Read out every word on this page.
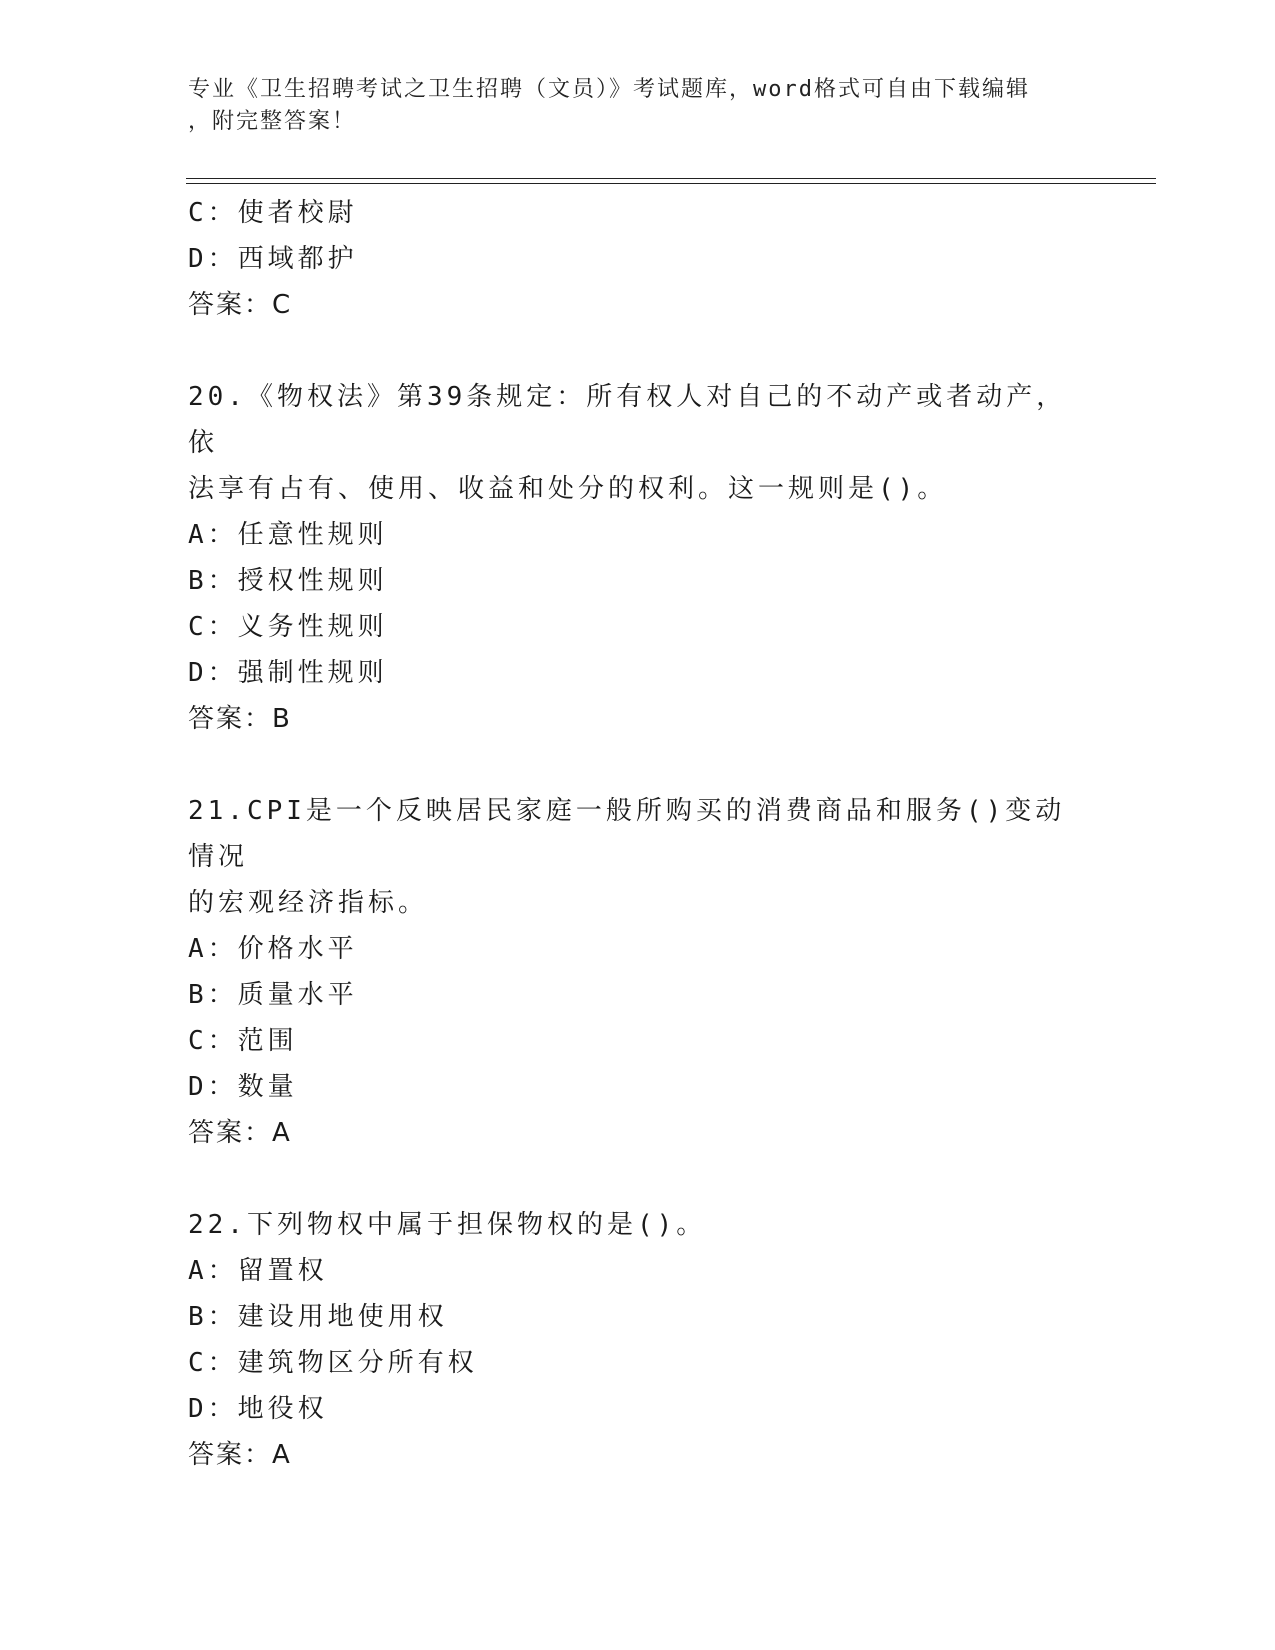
专业《卫生招聘考试之卫生招聘（文员）》考试题库，word格式可自由下载编辑
，附完整答案！
C：使者校尉
D：西域都护
答案：C
20.《物权法》第39条规定：所有权人对自己的不动产或者动产，依
法享有占有、使用、收益和处分的权利。这一规则是()。
A：任意性规则
B：授权性规则
C：义务性规则
D：强制性规则
答案：B
21.CPI是一个反映居民家庭一般所购买的消费商品和服务()变动情况
的宏观经济指标。
A：价格水平
B：质量水平
C：范围
D：数量
答案：A
22.下列物权中属于担保物权的是()。
A：留置权
B：建设用地使用权
C：建筑物区分所有权
D：地役权
答案：A
